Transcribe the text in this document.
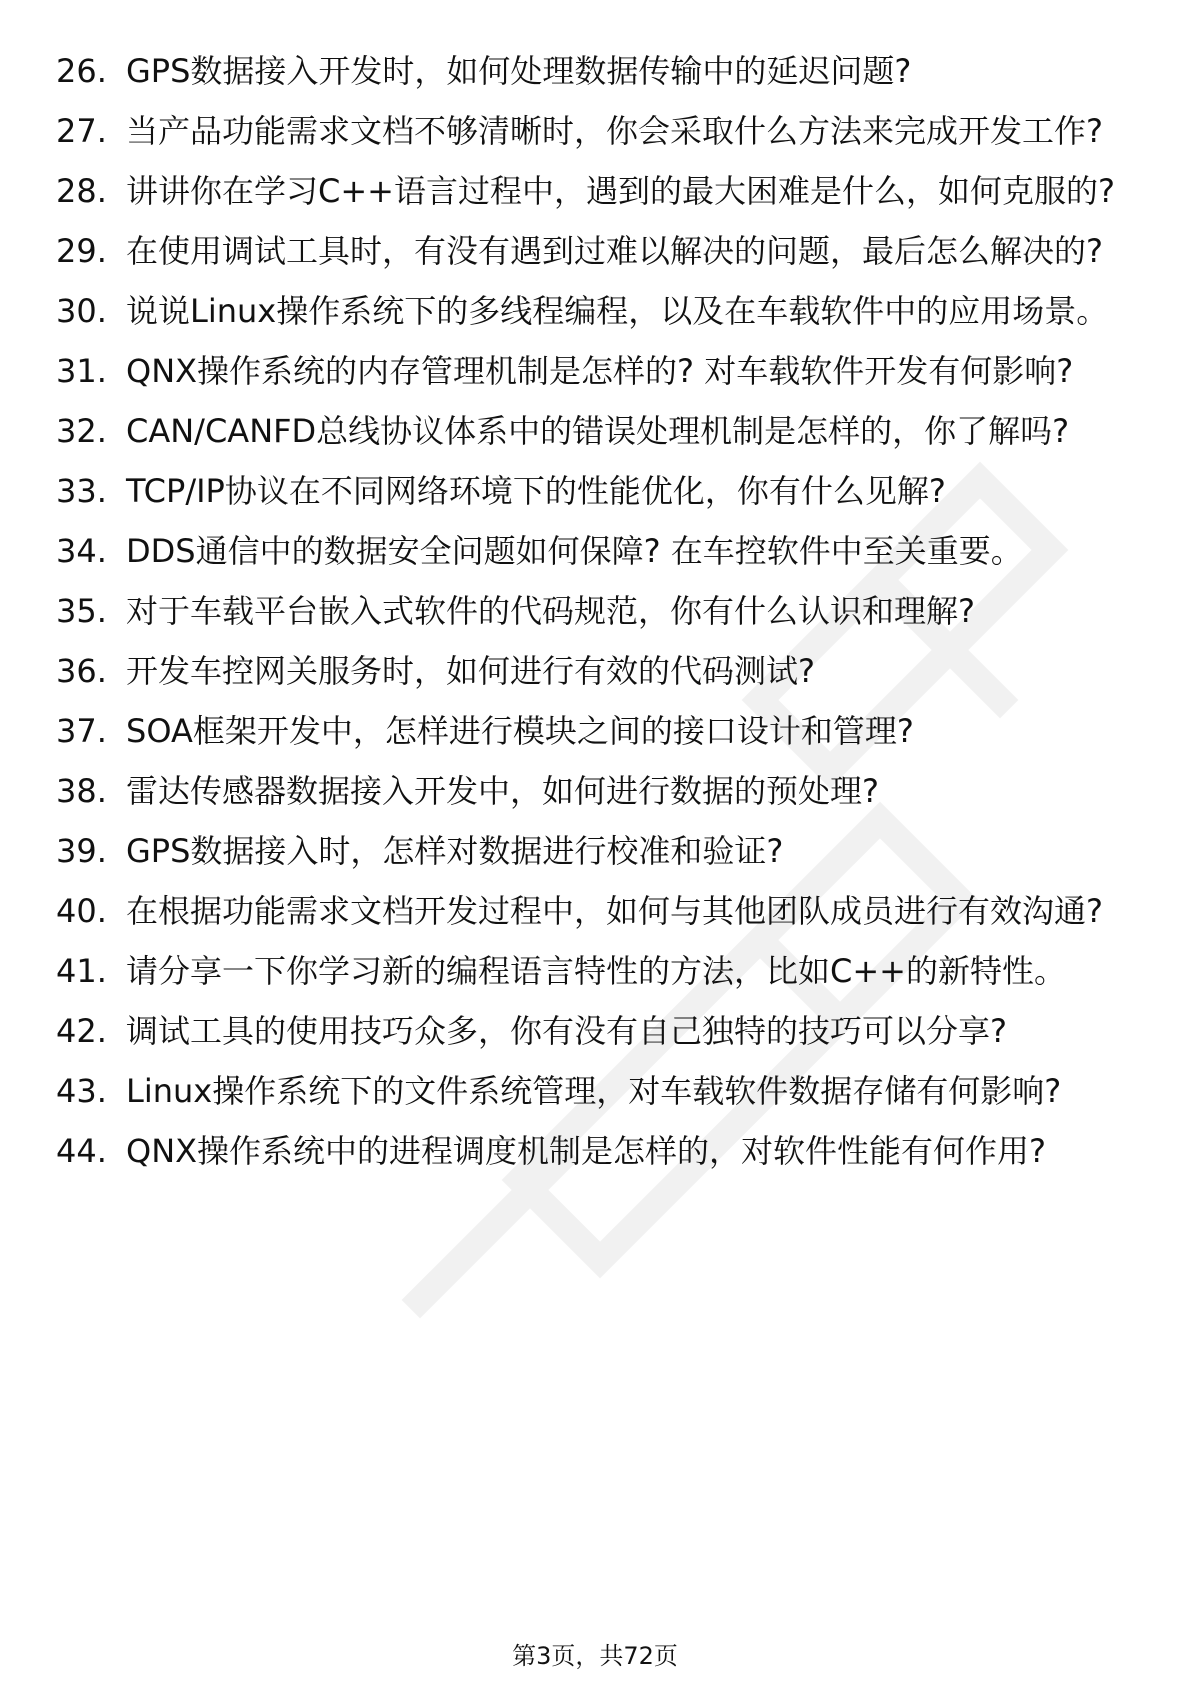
26. GPS数据接入开发时，如何处理数据传输中的延迟问题?
27. 当产品功能需求文档不够清晰时，你会采取什么方法来完成开发工作?
28. 讲讲你在学习C++语言过程中，遇到的最大困难是什么，如何克服的?
29. 在使用调试工具时，有没有遇到过难以解决的问题，最后怎么解决的?
30. 说说Linux操作系统下的多线程编程，以及在车载软件中的应用场景。
31. QNX操作系统的内存管理机制是怎样的? 对车载软件开发有何影响?
32. CAN/CANFD总线协议体系中的错误处理机制是怎样的，你了解吗?
33. TCP/IP协议在不同网络环境下的性能优化，你有什么见解?
34. DDS通信中的数据安全问题如何保障? 在车控软件中至关重要。
35. 对于车载平台嵌入式软件的代码规范，你有什么认识和理解?
36. 开发车控网关服务时，如何进行有效的代码测试?
37. SOA框架开发中，怎样进行模块之间的接口设计和管理?
38. 雷达传感器数据接入开发中，如何进行数据的预处理?
39. GPS数据接入时，怎样对数据进行校准和验证?
40. 在根据功能需求文档开发过程中，如何与其他团队成员进行有效沟通?
41. 请分享一下你学习新的编程语言特性的方法，比如C++的新特性。
42. 调试工具的使用技巧众多，你有没有自己独特的技巧可以分享?
43. Linux操作系统下的文件系统管理，对车载软件数据存储有何影响?
44. QNX操作系统中的进程调度机制是怎样的，对软件性能有何作用?
第3页，共72页
